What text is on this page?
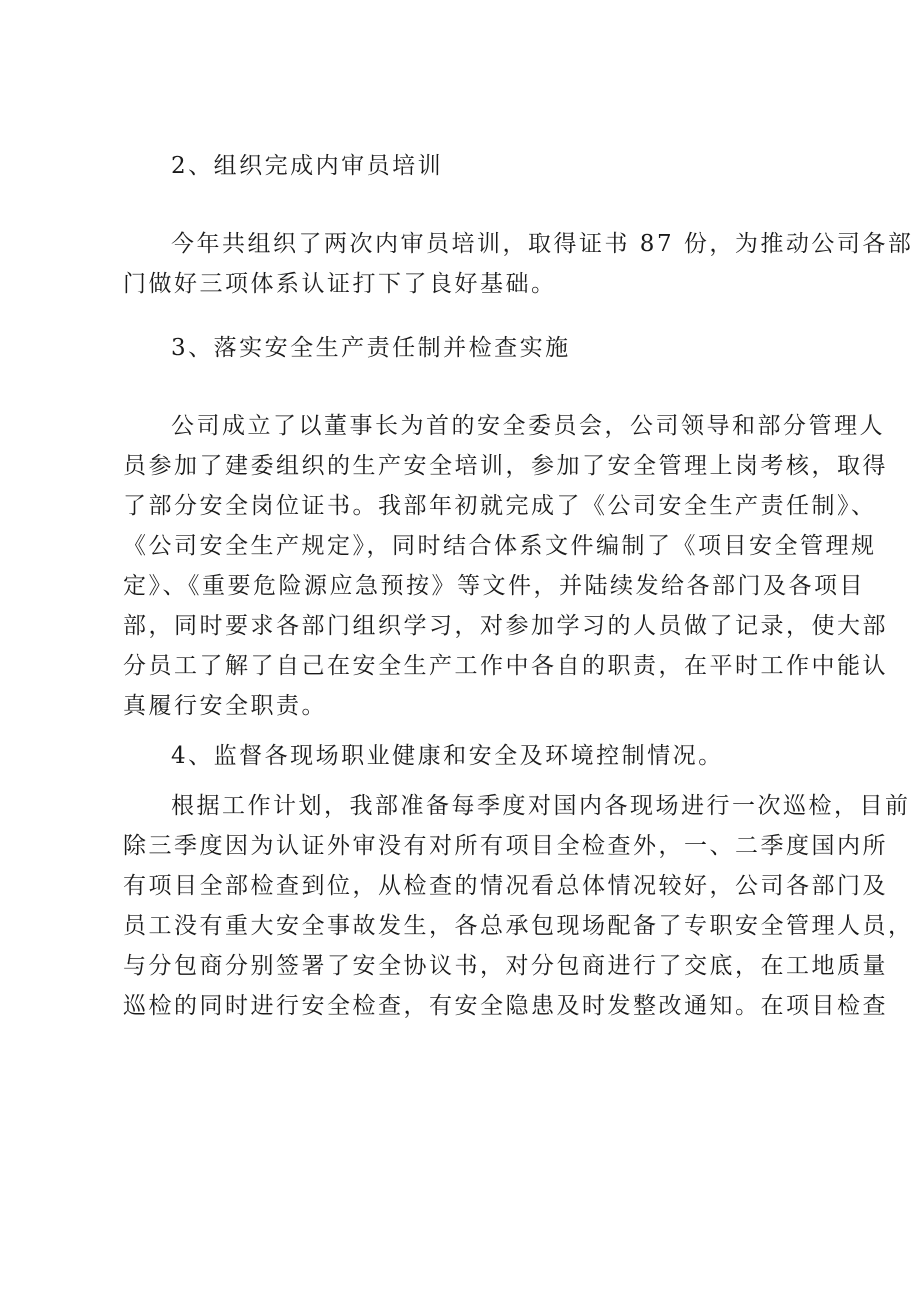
2、组织完成内审员培训
今年共组织了两次内审员培训，取得证书 87 份，为推动公司各部
门做好三项体系认证打下了良好基础。
3、落实安全生产责任制并检查实施
公司成立了以董事长为首的安全委员会，公司领导和部分管理人
员参加了建委组织的生产安全培训，参加了安全管理上岗考核，取得
了部分安全岗位证书。我部年初就完成了《公司安全生产责任制》、
《公司安全生产规定》，同时结合体系文件编制了《项目安全管理规
定》、《重要危险源应急预按》等文件，并陆续发给各部门及各项目
部，同时要求各部门组织学习，对参加学习的人员做了记录，使大部
分员工了解了自己在安全生产工作中各自的职责，在平时工作中能认
真履行安全职责。
4、监督各现场职业健康和安全及环境控制情况。
根据工作计划，我部准备每季度对国内各现场进行一次巡检，目前
除三季度因为认证外审没有对所有项目全检查外，一、二季度国内所
有项目全部检查到位，从检查的情况看总体情况较好，公司各部门及
员工没有重大安全事故发生，各总承包现场配备了专职安全管理人员，
与分包商分别签署了安全协议书，对分包商进行了交底，在工地质量
巡检的同时进行安全检查，有安全隐患及时发整改通知。在项目检查
